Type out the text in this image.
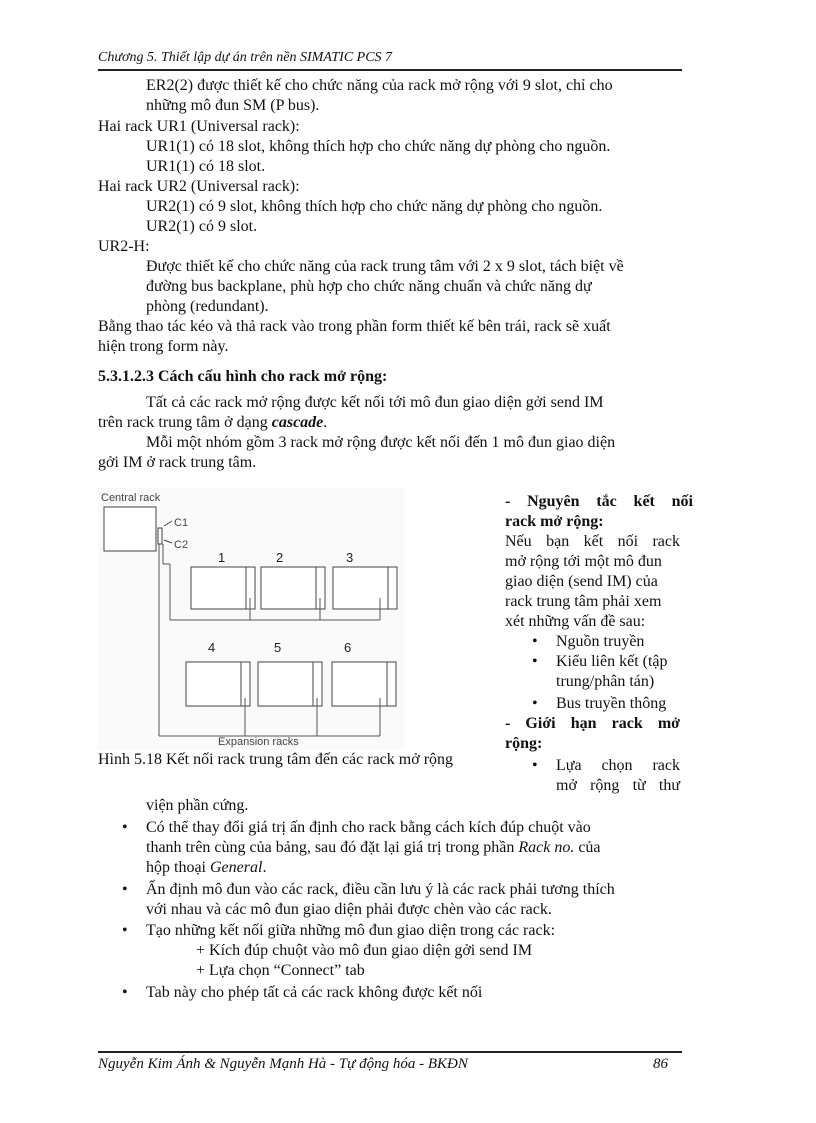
Chương 5. Thiết lập dự án trên nền SIMATIC PCS 7
ER2(2) được thiết kế cho chức năng của rack mở rộng với 9 slot, chỉ cho
những mô đun SM (P bus).
Hai rack UR1 (Universal rack):
UR1(1) có 18 slot, không thích hợp cho chức năng dự phòng cho nguồn.
UR1(1) có 18 slot.
Hai rack UR2 (Universal rack):
UR2(1) có 9 slot, không thích hợp cho chức năng dự phòng cho nguồn.
UR2(1) có 9 slot.
UR2-H:
Được thiết kế cho chức năng của rack trung tâm với 2 x 9 slot, tách biệt về
đường bus backplane, phù hợp cho chức năng chuẩn và chức năng dự
phòng (redundant).
Bằng thao tác kéo và thả rack vào trong phần form thiết kế bên trái, rack sẽ xuất
hiện trong form này.
5.3.1.2.3 Cách cấu hình cho rack mở rộng:
Tất cả các rack mở rộng được kết nối tới mô đun giao diện gởi send IM
trên rack trung tâm ở dạng cascade.
Mỗi một nhóm gồm 3 rack mở rộng được kết nối đến 1 mô đun giao diện
gởi IM ở rack trung tâm.
Central rack
C1
C2
1	2	3
4	5	6
Expansion racks
Hình 5.18 Kết nối rack trung tâm đến các rack mở rộng
- Nguyên tắc kết nối
rack mở rộng:
Nếu bạn kết nối rack
mở rộng tới một mô đun
giao diện (send IM) của
rack trung tâm phải xem
xét những vấn đề sau:
• Nguồn truyền
• Kiểu liên kết (tập
trung/phân tán)
• Bus truyền thông
- Giới hạn rack mở
rộng:
• Lựa chọn rack
mở rộng từ thư
viện phần cứng.
• Có thể thay đổi giá trị ấn định cho rack bằng cách kích đúp chuột vào
thanh trên cùng của bảng, sau đó đặt lại giá trị trong phần Rack no. của
hộp thoại General.
• Ấn định mô đun vào các rack, điều cần lưu ý là các rack phải tương thích
với nhau và các mô đun giao diện phải được chèn vào các rack.
• Tạo những kết nối giữa những mô đun giao diện trong các rack:
+ Kích đúp chuột vào mô đun giao diện gởi send IM
+ Lựa chọn “Connect” tab
• Tab này cho phép tất cả các rack không được kết nối
Nguyễn Kim Ánh & Nguyễn Mạnh Hà - Tự động hóa - BKĐN	86
